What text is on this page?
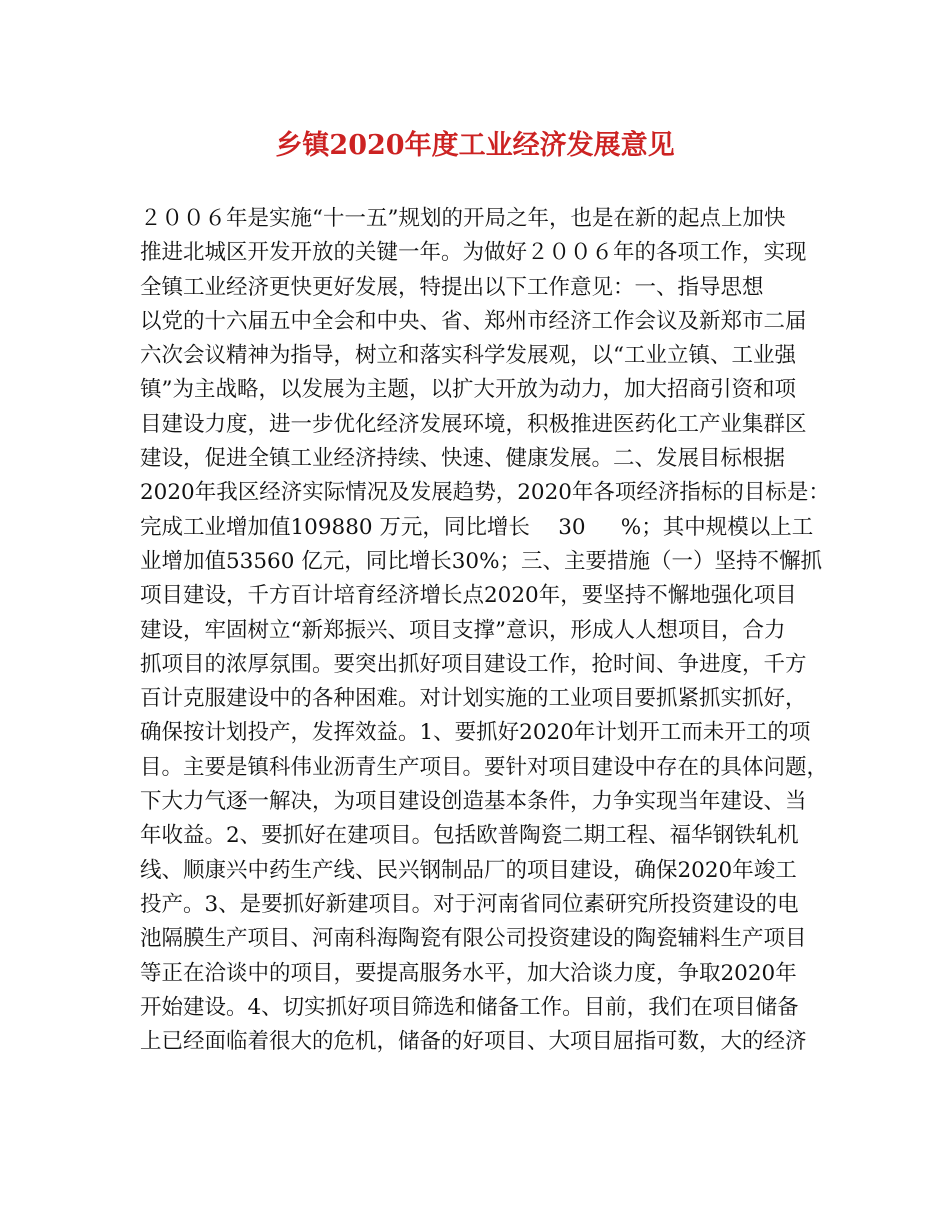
乡镇2020年度工业经济发展意见
２００６年是实施“十一五”规划的开局之年，也是在新的起点上加快
推进北城区开发开放的关键一年。为做好２００６年的各项工作，实现
全镇工业经济更快更好发展，特提出以下工作意见：一、指导思想
以党的十六届五中全会和中央、省、郑州市经济工作会议及新郑市二届
六次会议精神为指导，树立和落实科学发展观，以“工业立镇、工业强
镇”为主战略，以发展为主题，以扩大开放为动力，加大招商引资和项
目建设力度，进一步优化经济发展环境，积极推进医药化工产业集群区
建设，促进全镇工业经济持续、快速、健康发展。二、发展目标根据
2020年我区经济实际情况及发展趋势，2020年各项经济指标的目标是：
完成工业增加值109880 万元，同比增长　 30 　 %；其中规模以上工
业增加值53560 亿元，同比增长30%；三、主要措施（一）坚持不懈抓
项目建设，千方百计培育经济增长点2020年，要坚持不懈地强化项目
建设，牢固树立“新郑振兴、项目支撑”意识，形成人人想项目，合力
抓项目的浓厚氛围。要突出抓好项目建设工作，抢时间、争进度，千方
百计克服建设中的各种困难。对计划实施的工业项目要抓紧抓实抓好，
确保按计划投产，发挥效益。1、要抓好2020年计划开工而未开工的项
目。主要是镇科伟业沥青生产项目。要针对项目建设中存在的具体问题，
下大力气逐一解决，为项目建设创造基本条件，力争实现当年建设、当
年收益。2、要抓好在建项目。包括欧普陶瓷二期工程、福华钢铁轧机
线、顺康兴中药生产线、民兴钢制品厂的项目建设，确保2020年竣工
投产。3、是要抓好新建项目。对于河南省同位素研究所投资建设的电
池隔膜生产项目、河南科海陶瓷有限公司投资建设的陶瓷辅料生产项目
等正在洽谈中的项目，要提高服务水平，加大洽谈力度，争取2020年
开始建设。4、切实抓好项目筛选和储备工作。目前，我们在项目储备
上已经面临着很大的危机，储备的好项目、大项目屈指可数，大的经济
